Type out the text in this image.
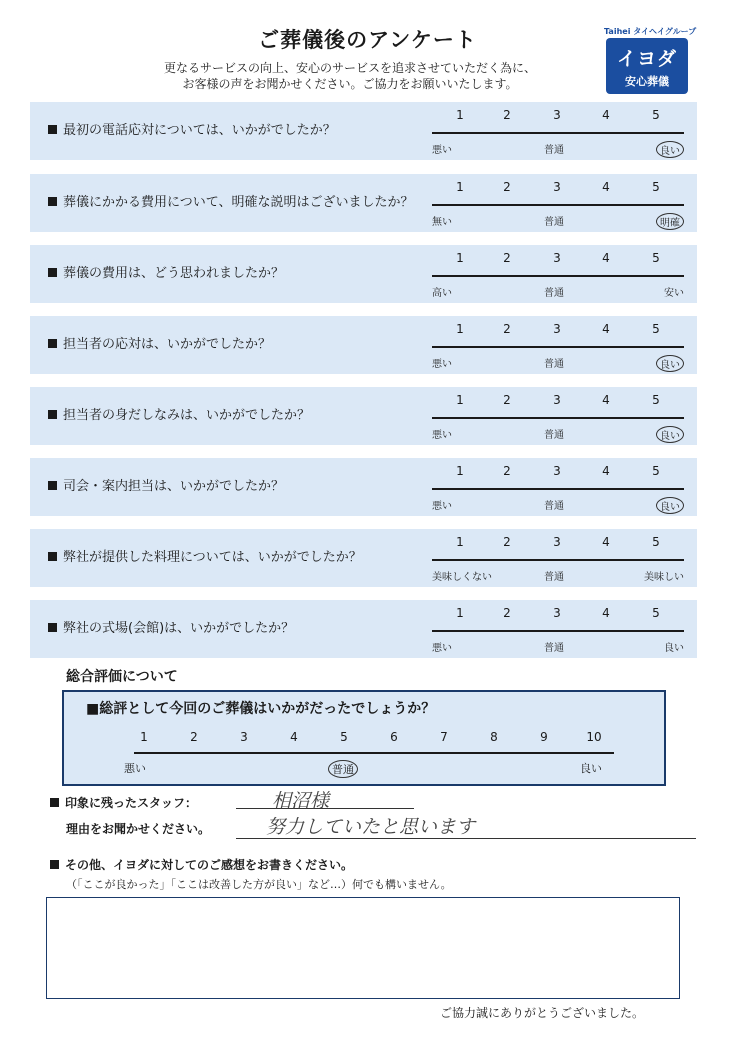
ご葬儀後のアンケート
更なるサービスの向上、安心のサービスを追求させていただく為に、
お客様の声をお聞かせください。ご協力をお願いいたします。
Taihei タイヘイグループ
イヨダ
安心葬儀
最初の電話応対については、いかがでしたか？
1	2	3	4	5
悪い	普通	良い
葬儀にかかる費用について、明確な説明はございましたか？
1	2	3	4	5
無い	普通	明確
葬儀の費用は、どう思われましたか？
1	2	3	4	5
高い	普通	安い
担当者の応対は、いかがでしたか？
1	2	3	4	5
悪い	普通	良い
担当者の身だしなみは、いかがでしたか？
1	2	3	4	5
悪い	普通	良い
司会・案内担当は、いかがでしたか？
1	2	3	4	5
悪い	普通	良い
弊社が提供した料理については、いかがでしたか？
1	2	3	4	5
美味しくない	普通	美味しい
弊社の式場(会館)は、いかがでしたか？
1	2	3	4	5
悪い	普通	良い
総合評価について
■総評として今回のご葬儀はいかがだったでしょうか？
悪い	普通	良い
1	2	3	4	5	6	7	8	9	10
印象に残ったスタッフ：	相沼様
理由をお聞かせください。	努力していたと思います
その他、イヨダに対してのご感想をお書きください。
（「ここが良かった」「ここは改善した方が良い」など…）何でも構いません。
ご協力誠にありがとうございました。
